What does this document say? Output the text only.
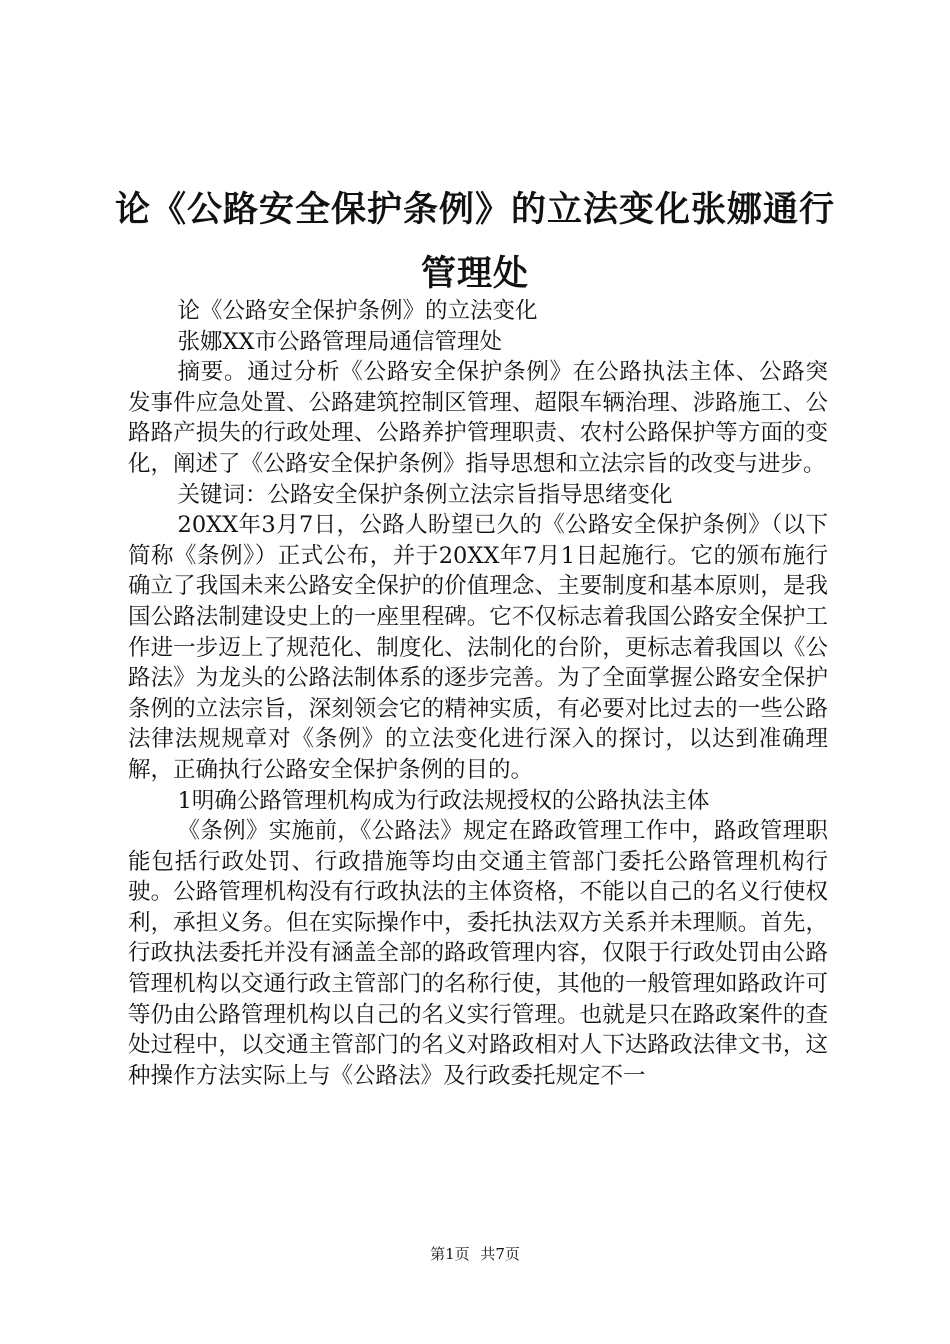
论《公路安全保护条例》的立法变化张娜通行管理处

论《公路安全保护条例》的立法变化

张娜XX市公路管理局通信管理处

摘要。通过分析《公路安全保护条例》在公路执法主体、公路突发事件应急处置、公路建筑控制区管理、超限车辆治理、涉路施工、公路路产损失的行政处理、公路养护管理职责、农村公路保护等方面的变化，阐述了《公路安全保护条例》指导思想和立法宗旨的改变与进步。

关键词：公路安全保护条例立法宗旨指导思绪变化

20XX年3月7日，公路人盼望已久的《公路安全保护条例》（以下简称《条例》）正式公布，并于20XX年7月1日起施行。它的颁布施行确立了我国未来公路安全保护的价值理念、主要制度和基本原则，是我国公路法制建设史上的一座里程碑。它不仅标志着我国公路安全保护工作进一步迈上了规范化、制度化、法制化的台阶，更标志着我国以《公路法》为龙头的公路法制体系的逐步完善。为了全面掌握公路安全保护条例的立法宗旨，深刻领会它的精神实质，有必要对比过去的一些公路法律法规规章对《条例》的立法变化进行深入的探讨，以达到准确理解，正确执行公路安全保护条例的目的。

1明确公路管理机构成为行政法规授权的公路执法主体

《条例》实施前，《公路法》规定在路政管理工作中，路政管理职能包括行政处罚、行政措施等均由交通主管部门委托公路管理机构行驶。公路管理机构没有行政执法的主体资格，不能以自己的名义行使权利，承担义务。但在实际操作中，委托执法双方关系并未理顺。首先，行政执法委托并没有涵盖全部的路政管理内容，仅限于行政处罚由公路管理机构以交通行政主管部门的名称行使，其他的一般管理如路政许可等仍由公路管理机构以自己的名义实行管理。也就是只在路政案件的查处过程中，以交通主管部门的名义对路政相对人下达路政法律文书，这种操作方法实际上与《公路法》及行政委托规定不一

第1页 共7页
